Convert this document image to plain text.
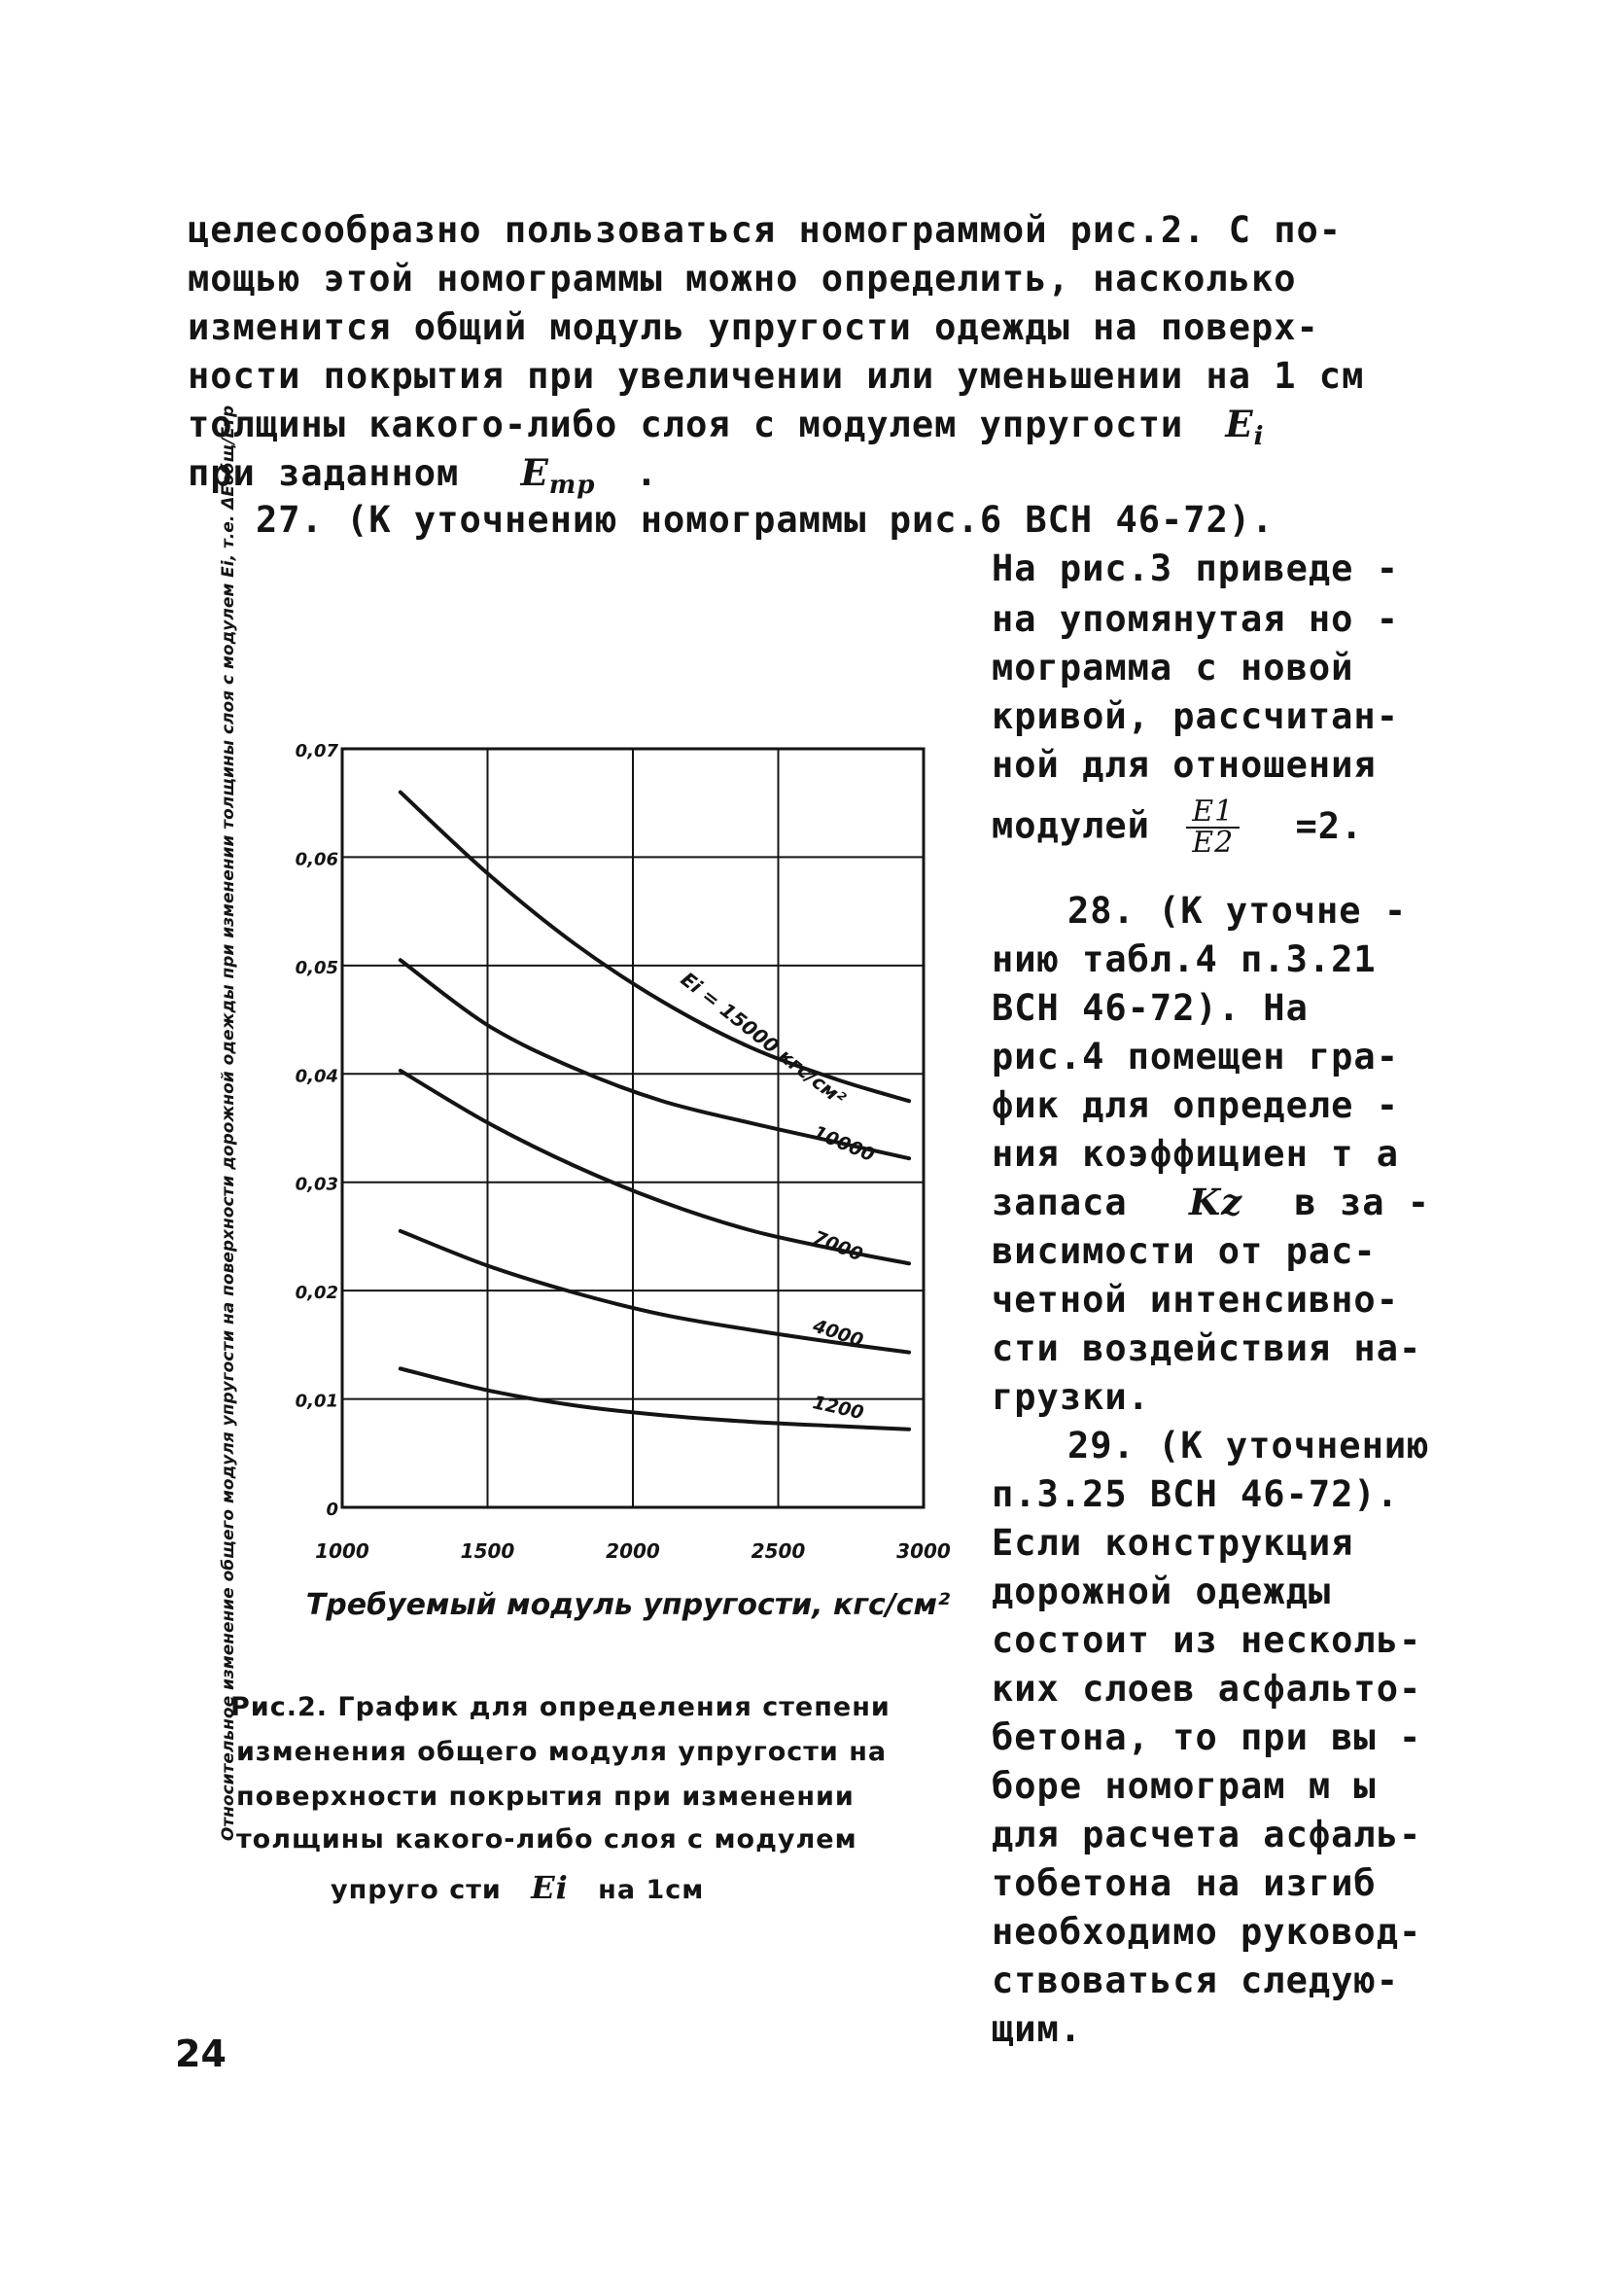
целесообразно пользоваться номограммой рис.2. С по-
мощью этой номограммы можно определить, насколько
изменится общий модуль упругости одежды на поверх-
ности покрытия при увеличении или уменьшении на 1 см
толщины какого-либо слоя с модулем упругости $E_i$
при заданном $E_{тр}$ .
27. (К уточнению номограммы рис.6 ВСН 46-72).
На рис.3 приведе -
на упомянутая но -
мограмма с новой
кривой, рассчитан-
ной для отношения
модулей $\frac{E1}{E2} =2$.
28. (К уточне -
нию табл.4 п.3.21
ВСН 46-72). На
рис.4 помещен гра-
фик для определе -
ния коэффициен т а
запаса Kz в за -
висимости от рас-
четной интенсивно-
сти воздействия на-
грузки.
29. (К уточнению
п.3.25 ВСН 46-72).
Если конструкция
дорожной одежды
состоит из несколь-
ких слоев асфальто-
бетона, то при вы -
боре номограм м ы
для расчета асфаль-
тобетона на изгиб
необходимо руковод-
ствоваться следую-
щим.
0
0,01
0,02
0,03
0,04
0,05
0,06
0,07
1000	1500	2000	2500	3000
Ei = 15000 кгс/см²
10000
7000
4000
1200
Требуемый модуль упругости, кгс/см²
Относительное изменение общего модуля упругости на поверхности дорожной одежды при изменении толщины слоя с модулем Ei, т.е. ΔEобщ/Eтр
Рис.2. График для определения степени
изменения общего модуля упругости на
поверхности покрытия при изменении
толщины какого-либо слоя с модулем
упруго сти Ei на 1см
24
